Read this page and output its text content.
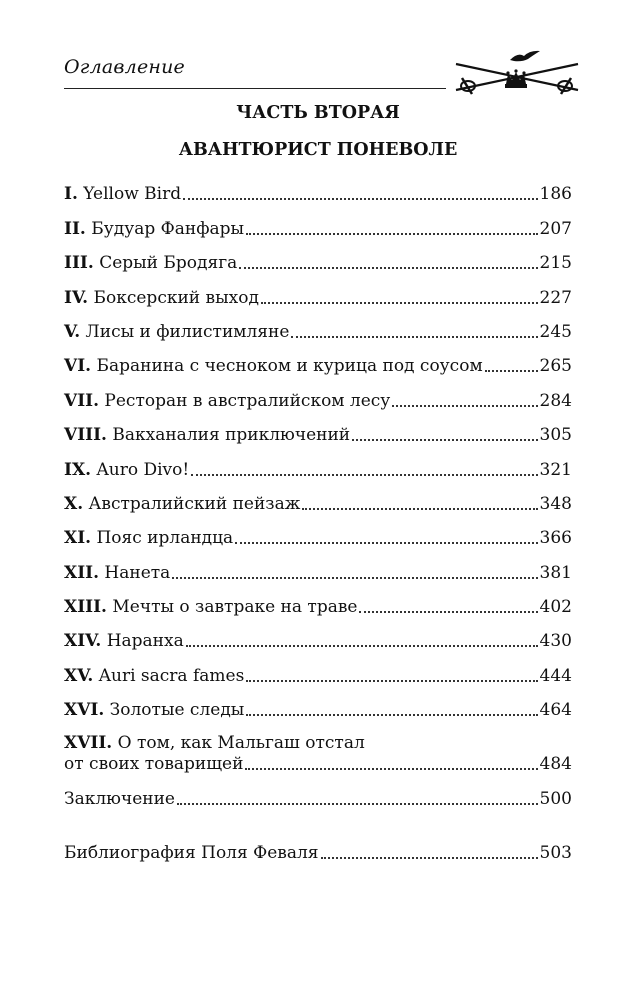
Оглавление
ЧАСТЬ ВТОРАЯ
АВАНТЮРИСТ ПОНЕВОЛЕ
I. Yellow Bird	186
II. Будуар Фанфары	207
III. Серый Бродяга	215
IV. Боксерский выход	227
V. Лисы и филистимляне	245
VI. Баранина с чесноком и курица под соусом	265
VII. Ресторан в австралийском лесу	284
VIII. Вакханалия приключений	305
IX. Auro Divo!	321
X. Австралийский пейзаж	348
XI. Пояс ирландца	366
XII. Нанета	381
XIII. Мечты о завтраке на траве	402
XIV. Наранха	430
XV. Auri sacra fames	444
XVI. Золотые следы	464
XVII. О том, как Мальгаш отстал
от своих товарищей	484
Заключение	500
Библиография Поля Феваля	503
